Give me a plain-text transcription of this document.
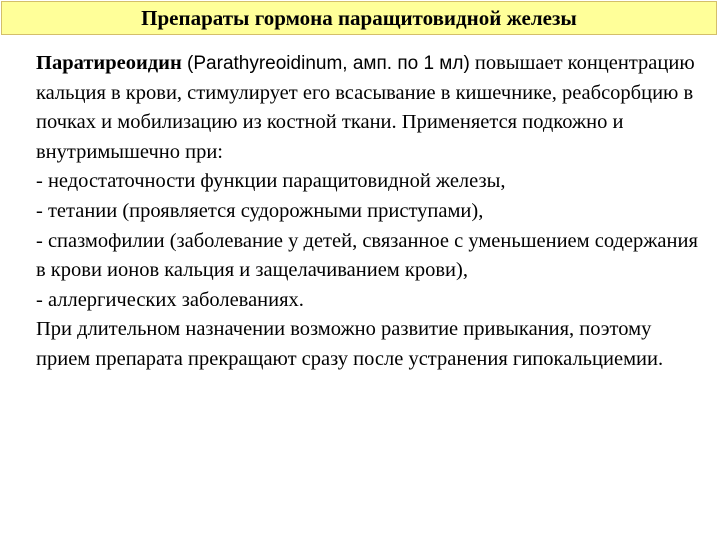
Препараты гормона паращитовидной железы

Паратиреоидин (Parathyreoidinum, амп. по 1 мл) повышает концентрацию кальция в крови, стимулирует его всасывание в кишечнике, реабсорбцию в почках и мобилизацию из костной ткани. Применяется подкожно и внутримышечно при:

- недостаточности функции паращитовидной железы,

- тетании (проявляется судорожными приступами),

- спазмофилии (заболевание у детей, связанное с уменьшением содержания в крови ионов кальция и защелачиванием крови),

- аллергических заболеваниях.

При длительном назначении возможно развитие привыкания, поэтому прием препарата прекращают сразу после устранения гипокальциемии.
